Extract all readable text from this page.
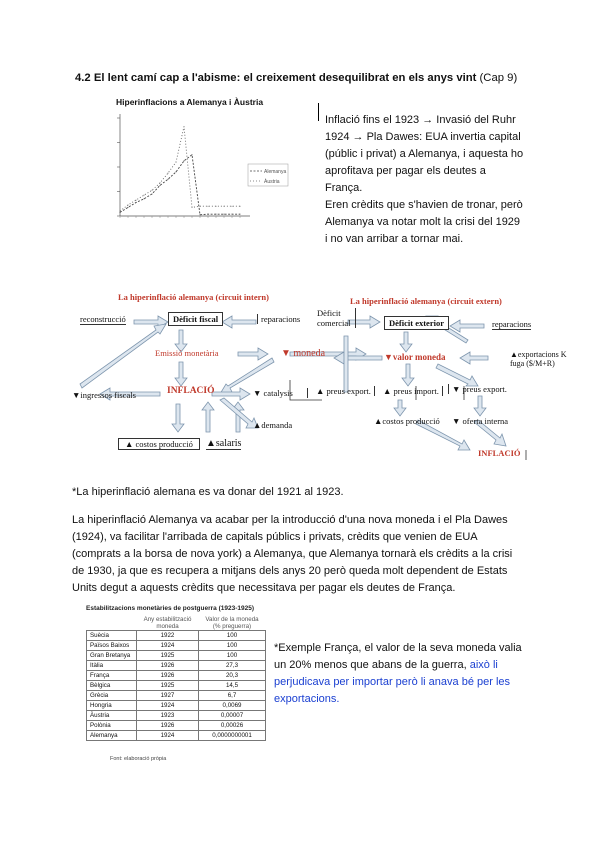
4.2 El lent camí cap a l'abisme: el creixement desequilibrat en els anys vint (Cap 9)
Hiperinflacions a Alemanya i Àustria
Alemanya
Àustria
Inflació fins el 1923 → Invasió del Ruhr
1924 → Pla Dawes: EUA invertia capital
(públic i privat) a Alemanya, i aquesta ho
aprofitava per pagar els deutes a
França.
Eren crèdits que s'havien de tronar, però
Alemanya va notar molt la crisi del 1929
i no van arribar a tornar mai.
La hiperinflació alemanya (circuit intern)	La hiperinflació alemanya (circuit extern)
reconstrucció	Dèficit fiscal	reparacions
Emissió monetària	▼ moneda
INFLACIÓ
▼ingressos fiscals	▼ catalysis
▲demanda
▲ costos producció	▲salaris
Dèficit
comercial	Dèficit exterior	reparacions
▼valor moneda	▲exportacions K
fuga ($/M+R)
▲ preus export.	▲ preus import.	▼ preus export.
▲costos producció ▼ oferta interna
INFLACIÓ
*La hiperinflació alemana es va donar del 1921 al 1923.
La hiperinflació Alemanya va acabar per la introducció d'una nova moneda i el Pla Dawes
(1924), va facilitar l'arribada de capitals públics i privats, crèdits que venien de EUA
(comprats a la borsa de nova york) a Alemanya, que Alemanya tornarà els crèdits a la crisi
de 1930, ja que es recupera a mitjans dels anys 20 però queda molt dependent de Estats
Units degut a aquests crèdits que necessitava per pagar els deutes de França.
Estabilitzacions monetàries de postguerra (1923-1925)
	Any estabilització moneda	Valor de la moneda (% preguerra)
Suècia	1922	100
Països Baixos	1924	100
Gran Bretanya	1925	100
Itàlia	1926	27,3
França	1926	20,3
Bèlgica	1925	14,5
Grècia	1927	6,7
Hongria	1924	0,0069
Àustria	1923	0,00007
Polònia	1926	0,00026
Alemanya	1924	0,0000000001
Font: elaboració pròpia
*Exemple França, el valor de la seva moneda valia
un 20% menos que abans de la guerra, això li
perjudicava per importar però li anava bé per les
exportacions.
